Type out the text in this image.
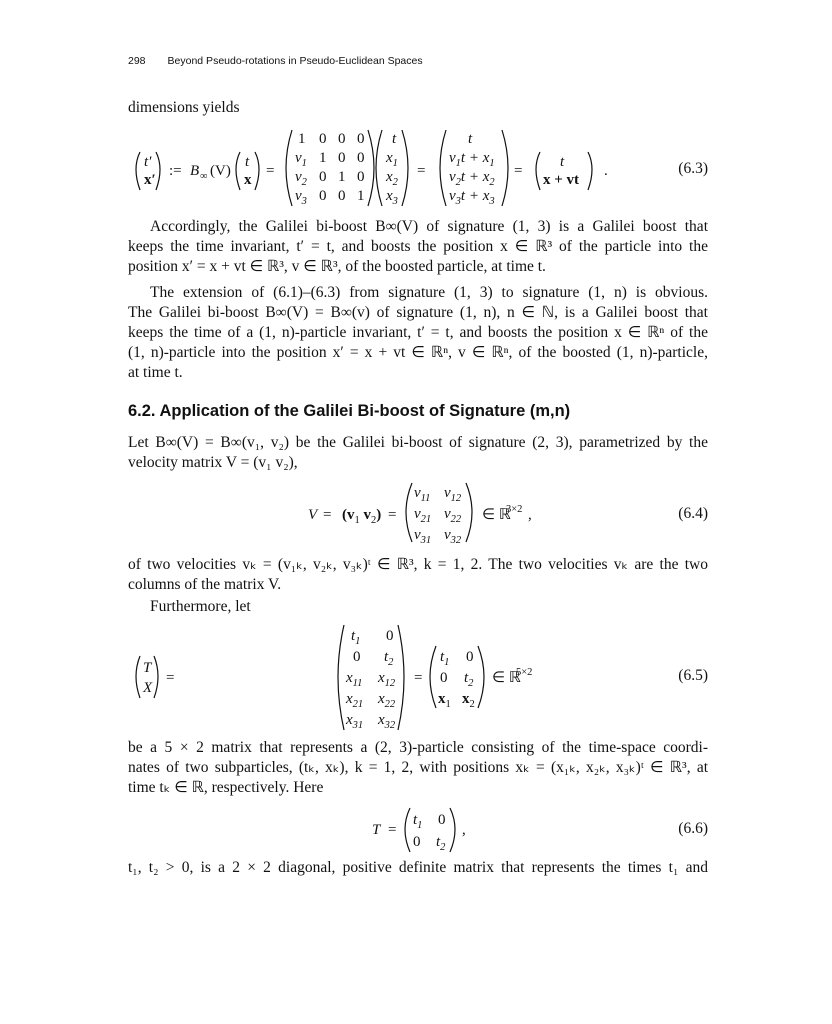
298 Beyond Pseudo-rotations in Pseudo-Euclidean Spaces
dimensions yields
t′
x′
:= B ∞ (V)
t
x
=
1 0 0 0
$v_1$ 1 0 0
$v_2$ 0 1 0
$v_3$ 0 0 1
t
$x_1$
$x_2$
$x_3$
=
t
$v_1t + x_1$
$v_2t + x_2$
$v_3t + x_3$
=
t
x + vt
.	(6.3)
Accordingly, the Galilei bi-boost B∞(V) of signature (1, 3) is a Galilei boost that
keeps the time invariant, t′ = t, and boosts the position x ∈ ℝ³ of the particle into the
position x′ = x + vt ∈ ℝ³, v ∈ ℝ³, of the boosted particle, at time t.
The extension of (6.1)–(6.3) from signature (1, 3) to signature (1, n) is obvious.
The Galilei bi-boost B∞(V) = B∞(v) of signature (1, n), n ∈ ℕ, is a Galilei boost that
keeps the time of a (1, n)-particle invariant, t′ = t, and boosts the position x ∈ ℝⁿ of the
(1, n)-particle into the position x′ = x + vt ∈ ℝⁿ, v ∈ ℝⁿ, of the boosted (1, n)-particle,
at time t.
6.2. Application of the Galilei Bi-boost of Signature (m,n)
Let B∞(V) = B∞(v₁, v₂) be the Galilei bi-boost of signature (2, 3), parametrized by the
velocity matrix V = (v₁ v₂),
$V = (v_1$ $v_2$) =
$v_{11}$ $v_{12}$
$v_{21}$ $v_{22}$
$v_{31}$ $v_{32}$
∈ ℝ
3×2 ,	(6.4)
of two velocities vₖ = (v₁ₖ, v₂ₖ, v₃ₖ)ᵗ ∈ ℝ³, k = 1, 2. The two velocities vₖ are the two
columns of the matrix V.
Furthermore, let
T
X
=
$t_1$ 0
0 $t_2$
$x_{11}$ $x_{12}$
$x_{21}$ $x_{22}$
$x_{31}$ $x_{32}$
=
$t_1$ 0
0 $t_2$
$x_1$ $x_2$
∈ ℝ
5×2	(6.5)
be a 5 × 2 matrix that represents a (2, 3)-particle consisting of the time-space coordi-
nates of two subparticles, (tₖ, xₖ), k = 1, 2, with positions xₖ = (x₁ₖ, x₂ₖ, x₃ₖ)ᵗ ∈ ℝ³, at
time tₖ ∈ ℝ, respectively. Here
T =
$t_1$ 0
0 $t_2$
,	(6.6)
t₁, t₂ > 0, is a 2 × 2 diagonal, positive definite matrix that represents the times t₁ and
